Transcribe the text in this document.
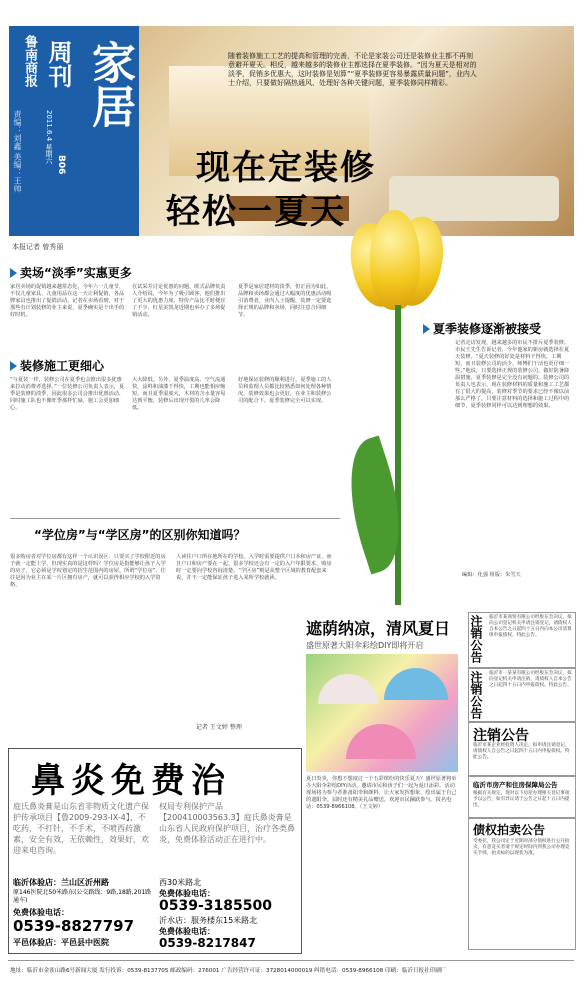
鲁南商报 周刊 家居
B06
2011.6.4 星期六
责编：刘鑫 美编：王帅
随着装修施工工艺的提高和管理的完善，不论是家装公司还是装修业主都不再刻意避开夏天。相反，越来越多的装修业主都选择在夏季装修。“因为夏天是相对的淡季，促销多优惠大，这时装修是划算”“夏季装修更容易暴露质量问题”，业内人士介绍，只要做好隔热通风、处理好各种关键问题，夏季装修同样精彩。
现在定装修
轻松一夏天
本报记者 曾秀丽
卖场“淡季”实惠更多
家居卖场的促销越来越常态化，今年六一儿童节，不仅儿童家具、儿童用品在这一天让利促销，各品牌家具也推出了促销活动。记者在卖场看到，对于那些有计划装修的业主来说，夏季确实是个出手的好时机。
在试采并讨论优惠的问题，欧式品牌负责人介绍说，今年为了吸引顾客，他们推出了更大的优惠力度，特价产品比平时便宜了不少，红星美凯龙近期也举办了多场促销活动。
夏季是家居建材的淡季，但正因为如此，品牌和卖场都会通过大幅度的优惠活动吸引消费者。业内人士提醒，装修一定要选择正规的品牌和卖场，同时注意合同细节。
装修施工更细心
“与夏装一样，装修公司在夏季也会推出很多优惠来拉动消费者选择。”一位装修公司负责人表示，夏季是装修的淡季，因此很多公司会推出优惠活动，同时施工队也不像旺季那样忙碌，施工会更加细心。
大大降低。另外，夏季温度高、空气流通快，涂料和油漆干得快，工期也能相应缩短。而且夏季湿度大，木材的含水量容易达到平衡，装修后出现开裂的几率会降低。
好地保证装修的顺利进行。夏季施工的人员和监理人员都比较熟悉如何处理各种情况，装修效果也会更好，在业主和装修公司的配合下，夏季装修完全可以实现。
夏季装修逐渐被接受
记者走访发现，越来越多的市民不排斥夏季装修。市民王先生告诉记者，今年他家的新房就选择在夏天装修，“夏天装修的好处是材料干得快，工期短，而且装修公司的活少，师傅们干活也更仔细一些。”他说，只要选择正规的装修公司，做好防暑降温措施，夏季装修是完全没有问题的。装修公司的负责人也表示，现在装修材料的质量和施工工艺都有了很大的提高，装修对季节的要求已经不像以前那么严格了，只要注意材料的选择和施工过程中的细节，夏季装修同样可以达到理想的效果。
编辑：化强 组版：朱雪天
“学位房”与“学区房”的区别你知道吗？
很多购房者对学位房都有这样一个认识误区：只要买了学校附近的房子就一定能上学，但现实真的是这样吗？学位房是指能够让孩子入学的房子，它必须是学校划定的招生范围内的房屋。所谓“学位房”，往往是因为业主在某一片区拥有房产，就可以获得相应学校的入学资格。
人读住户口所在地所在的学校。入学时需要提供户口本和房产证，而且户口和房产要在一起。很多学校还会有一定的入户年限要求，购房时一定要向学校咨询清楚。“学区房”则是从整个区域的教育配套来说，并不一定能保证孩子进入某所学校就读。
记者 王文婷 整理
遮荫纳凉，清风夏日
盛世原著大阳伞彩绘DIY即将开启
夏日炎炎，你想不想度过一个五彩缤纷的快乐夏天？盛世原著将举办大阳伞彩绘DIY活动，邀请市民和孩子们一起为夏日添彩。活动现场将为参与者准备阳伞和颜料，让大家发挥想象，绘出属于自己的遮阳伞。届时还有精美礼品赠送，欢迎市民踊跃参与。报名电话：0539-8966108。（王文婷）
注销公告	临沂市某商贸有限公司经股东会决议，拟向公司登记机关申请注销登记，请债权人自本公告之日起四十五日内向本公司清算组申报债权。特此公告。
注销公告	临沂市一某某有限公司经股东会决议，拟向登记机关申请注销，请债权人自本公告之日起四十五日内申报债权。特此公告。
注销公告
临沂市某企业经投资人决定，拟申请注销登记，请债权人自公告之日起四十五日内申报债权。特此公告。
临沂市房产和住房保障局公告
根据有关规定，现对以下房屋办理相关登记事项予以公告，如有异议请于公告之日起十五日内提出。
债权拍卖公告
受委托，我公司定于近期对部分债权进行公开拍卖，有意竞买者请于规定时间内到我公司办理竞买手续，拍卖标的以现状为准。
鼻炎免费治
庭氏鼻炎膏是山东省非物质文化遗产保护传承项目【鲁2009-293-IX-4】，不吃药，不打针，不手术，不喷西药激素，安全有效，无依赖性，效果好，欢迎来电咨询。
权局专利保护产品【200410003563.3】庭氏鼻炎膏是山东省人民政府保护项目，治疗各类鼻炎，免费体验活动正在进行中。
临沂体验店：兰山区沂州路
原146医院北50米路东(公交路线：9路,18路,201路通车)
免费体验电话：
0539-8827797
平邑体验店：平邑县中医院
西30米路北
免费体验电话：
0539-3185500
沂水店：服务楼东15米路北
免费体验电话：
0539-8217847
地址：临沂市金雀山路6号新闻大厦 发行投诉：0539-8137705 邮政编码：276001 广告经营许可证：3728014000019 纠错电话：0539-8966108 印刷：临沂日报社印刷厂
